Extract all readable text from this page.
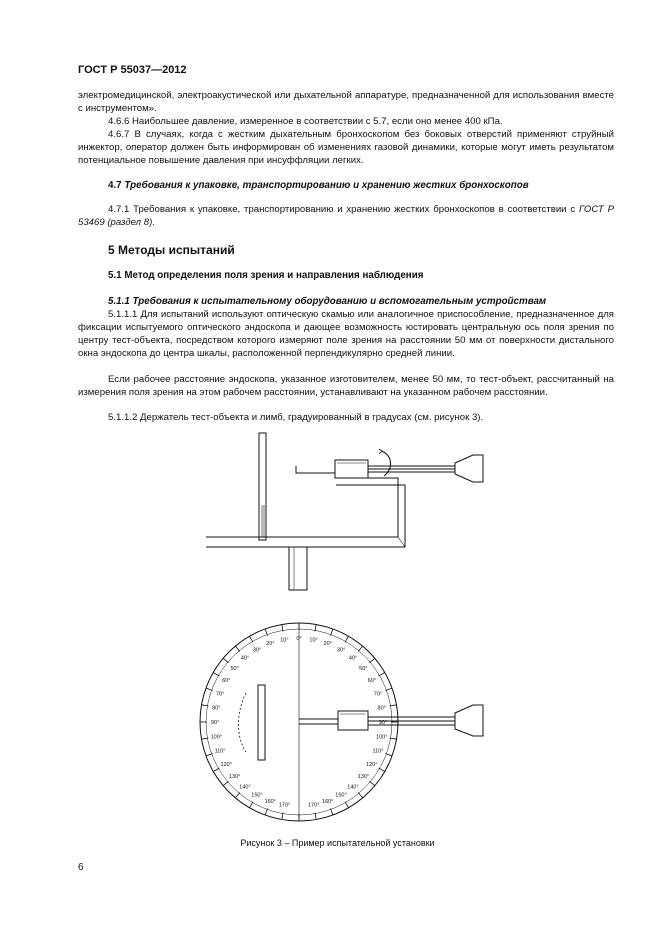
ГОСТ Р 55037—2012
электромедицинской, электроакустической или дыхательной аппаратуре, предназначенной для использования вместе с инструментом».
4.6.6 Наибольшее давление, измеренное в соответствии с 5.7, если оно менее 400 кПа.
4.6.7 В случаях, когда с жестким дыхательным бронхоскопом без боковых отверстий применяют струйный инжектор, оператор должен быть информирован об изменениях газовой динамики, которые могут иметь результатом потенциальное повышение давления при инсуффляции легких.
4.7 Требования к упаковке, транспортированию и хранению жестких бронхоскопов
4.7.1 Требования к упаковке, транспортированию и хранению жестких бронхоскопов в соответствии с ГОСТ Р 53469 (раздел 8).
5 Методы испытаний
5.1 Метод определения поля зрения и направления наблюдения
5.1.1 Требования к испытательному оборудованию и вспомогательным устройствам
5.1.1.1 Для испытаний используют оптическую скамью или аналогичное приспособление, предназначенное для фиксации испытуемого оптического эндоскопа и дающее возможность юстировать центральную ось поля зрения по центру тест-объекта, посредством которого измеряют поле зрения на расстоянии 50 мм от поверхности дистального окна эндоскопа до центра шкалы, расположенной перпендикулярно средней линии.
Если рабочее расстояние эндоскопа, указанное изготовителем, менее 50 мм, то тест-объект, рассчитанный на измерения поля зрения на этом рабочем расстоянии, устанавливают на указанном рабочем расстоянии.
5.1.1.2 Держатель тест-объекта и лимб, градуированный в градусах (см. рисунок 3).
0° 10°
10°
20°
20°
30°
30°
40°
40°
50°
50°
60°
60°
70°
70°
80°
80°
90°
90°
100°
100°
110°
110°
120°
120°
130°
130°
140°
140°
150°
150°
160°
160°
170°
170°
Рисунок 3 – Пример испытательной установки
6
